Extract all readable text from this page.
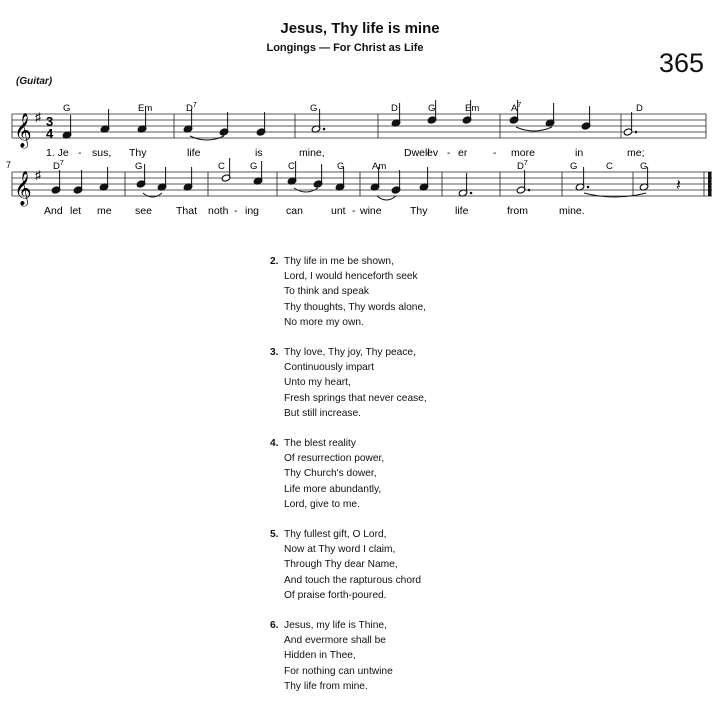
Jesus, Thy life is mine
Longings — For Christ as Life	365
(Guitar)
𝄞 ♯ 3
4
G	Em	$D^7$	G	D	G	Em	$A^7$	D
1. Je - sus, Thy	life	is	mine,	Dwell
ev - er - more	in	me;
7
𝄞 ♯
𝄽
$D^7$	G	C	G	C	G	Am	$D^7$	G	C	G
And let me see That noth - ing	can	unt - wine	Thy	life	from	mine.
2. Thy life in me be shown,
Lord, I would henceforth seek
To think and speak
Thy thoughts, Thy words alone,
No more my own.
3. Thy love, Thy joy, Thy peace,
Continuously impart
Unto my heart,
Fresh springs that never cease,
But still increase.
4. The blest reality
Of resurrection power,
Thy Church's dower,
Life more abundantly,
Lord, give to me.
5. Thy fullest gift, O Lord,
Now at Thy word I claim,
Through Thy dear Name,
And touch the rapturous chord
Of praise forth-poured.
6. Jesus, my life is Thine,
And evermore shall be
Hidden in Thee,
For nothing can untwine
Thy life from mine.
